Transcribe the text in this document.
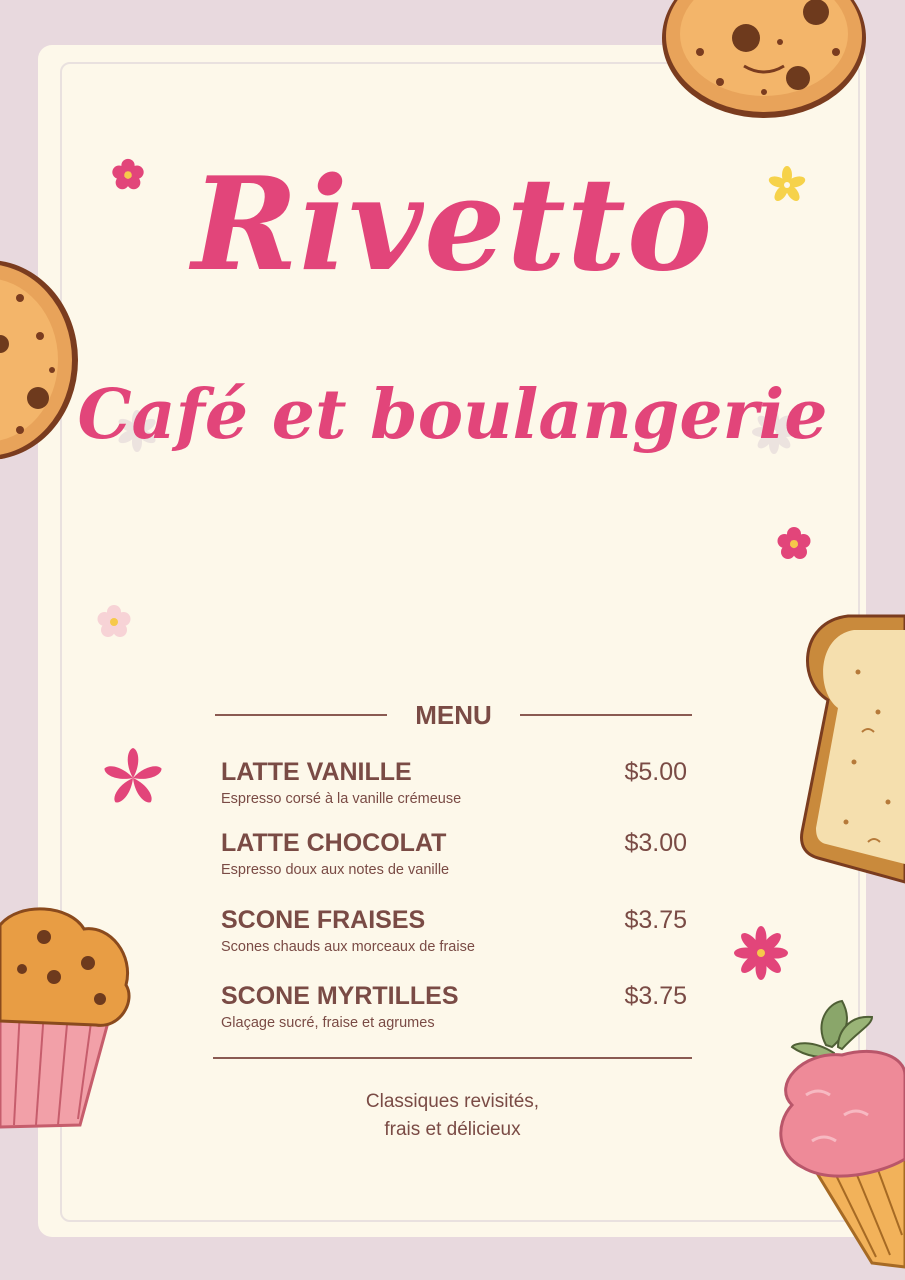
Rivetto
Café et boulangerie
MENU
LATTE VANILLE
Espresso corsé à la vanille crémeuse
$5.00
LATTE CHOCOLAT
Espresso doux aux notes de vanille
$3.00
SCONE FRAISES
Scones chauds aux morceaux de fraise
$3.75
SCONE MYRTILLES
Glaçage sucré, fraise et agrumes
$3.75
Classiques revisités,
frais et délicieux
